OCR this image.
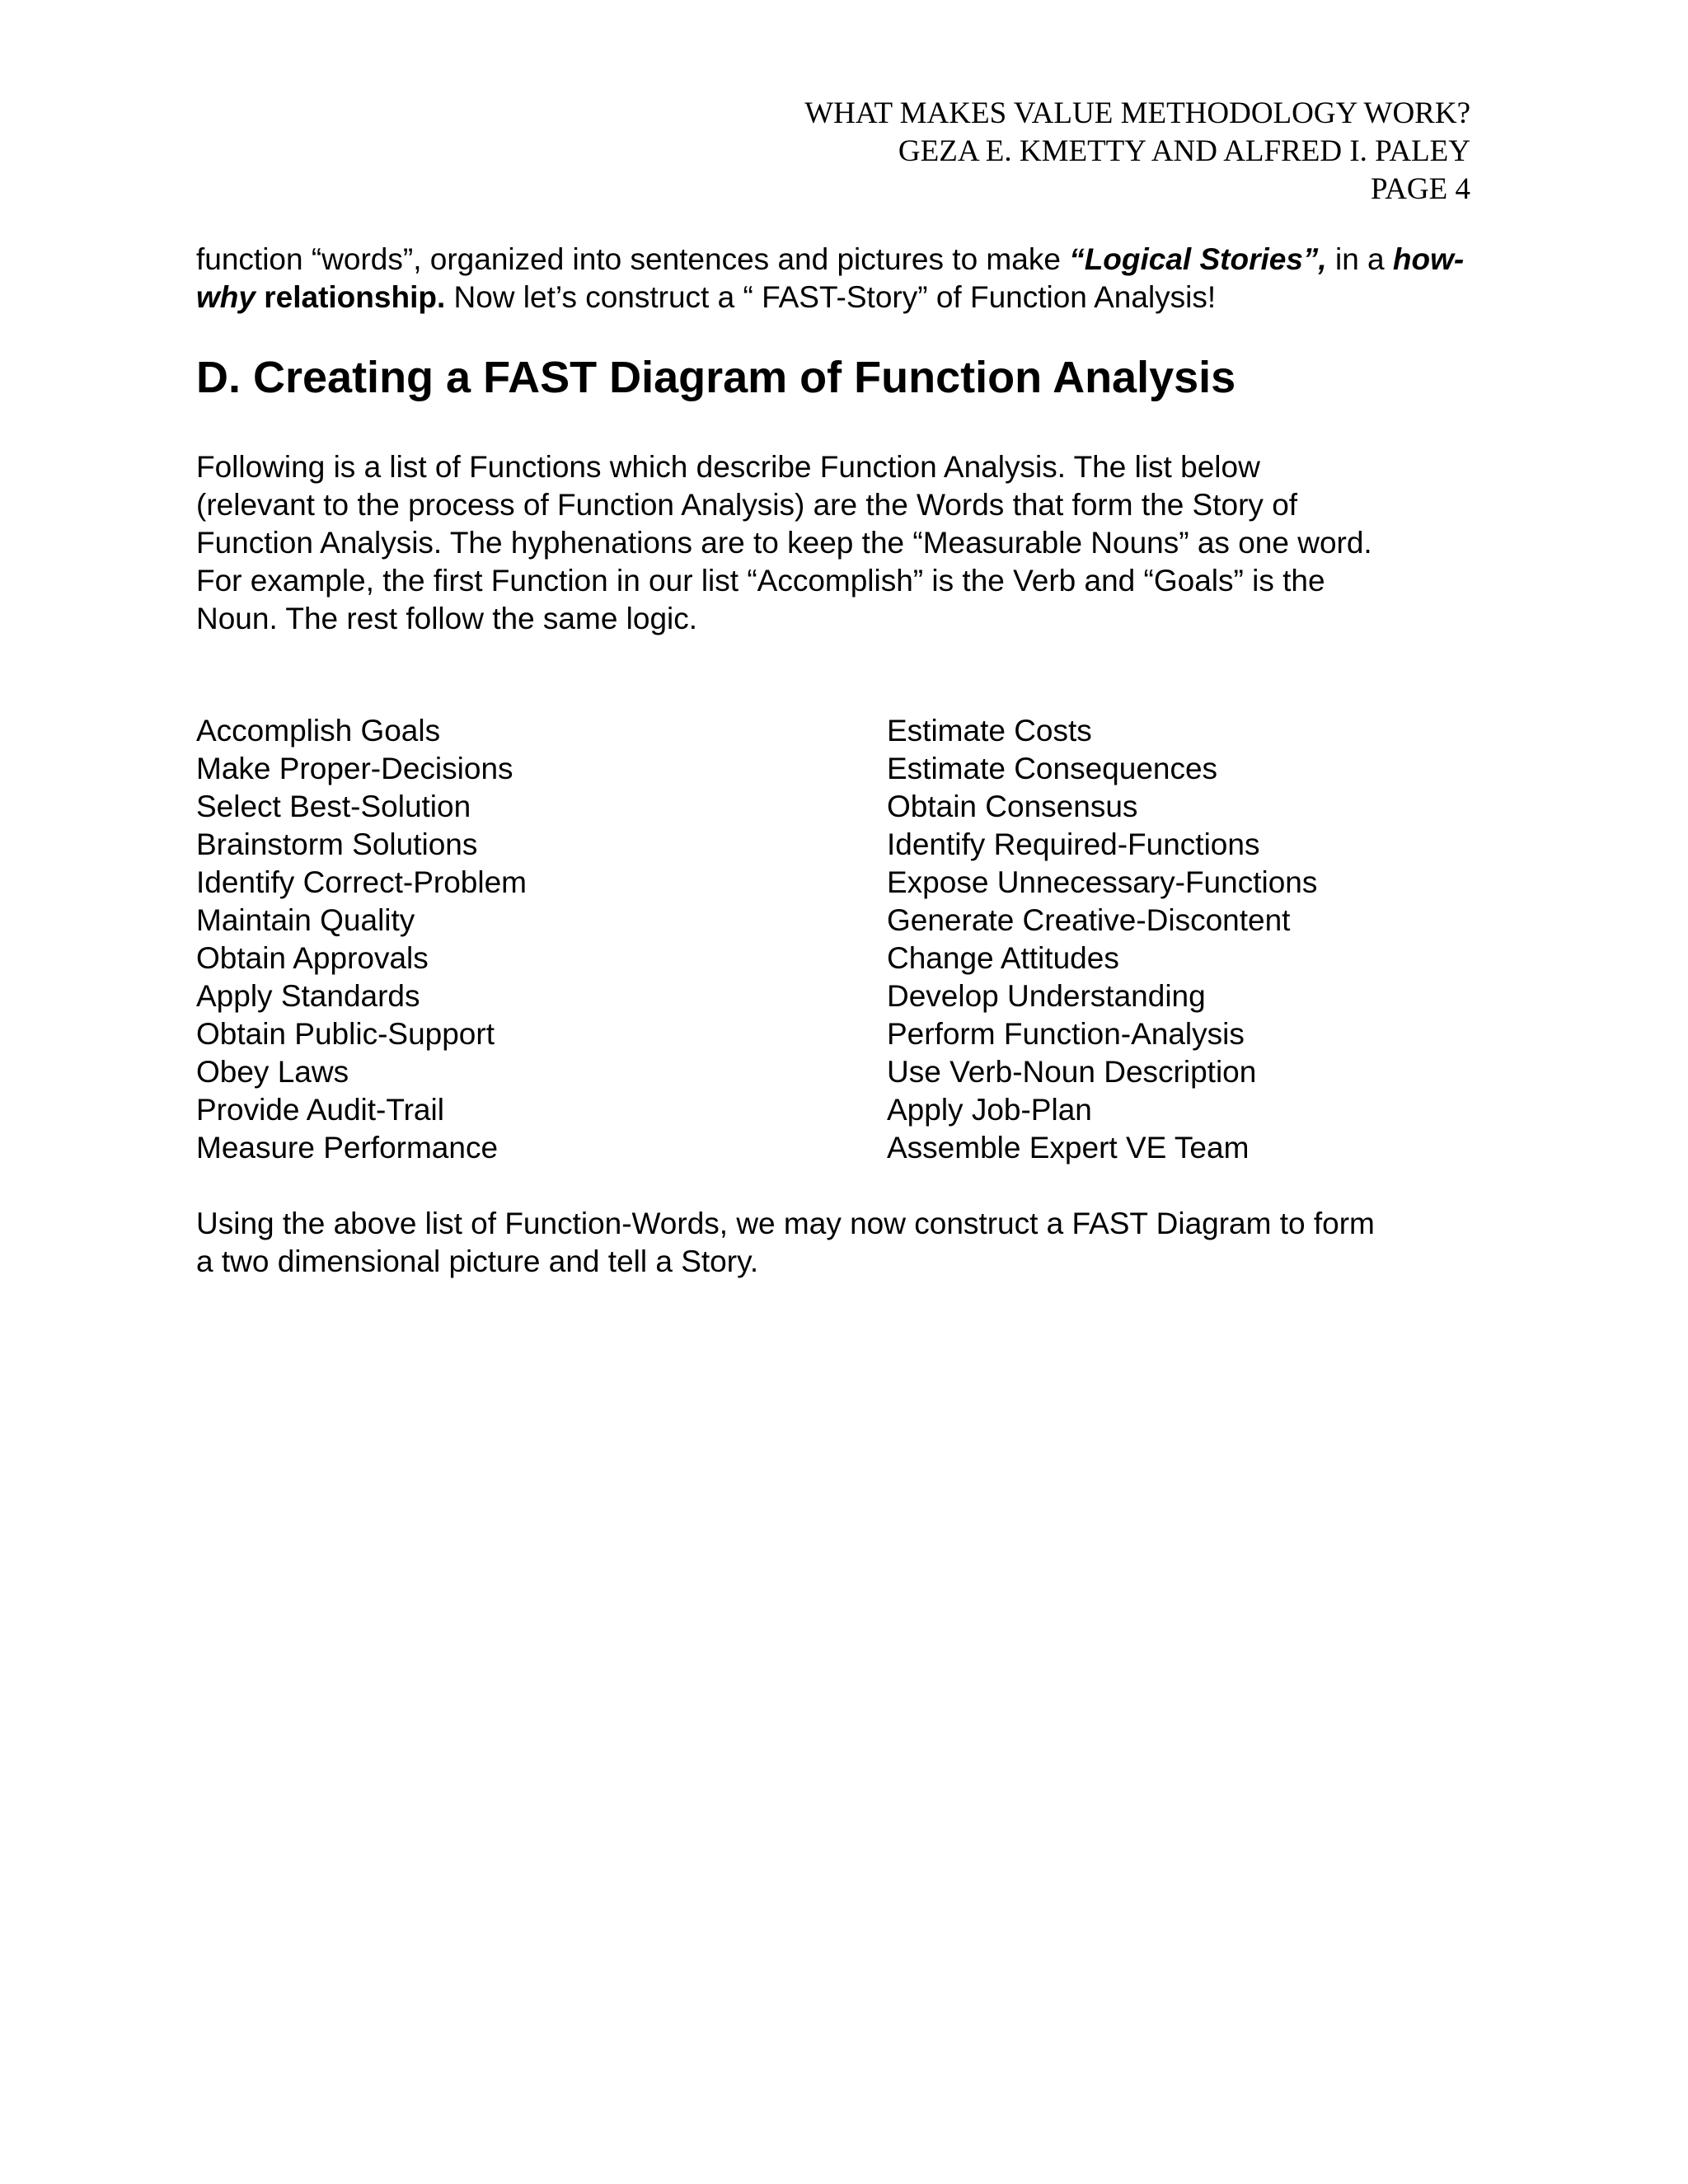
WHAT MAKES VALUE METHODOLOGY WORK?
GEZA E. KMETTY AND ALFRED I. PALEY
PAGE 4

function “words”, organized into sentences and pictures to make “Logical Stories”, in a how-why relationship. Now let’s construct a “ FAST-Story” of Function Analysis!

D. Creating a FAST Diagram of Function Analysis

Following is a list of Functions which describe Function Analysis. The list below
(relevant to the process of Function Analysis) are the Words that form the Story of
Function Analysis. The hyphenations are to keep the “Measurable Nouns” as one word.
For example, the first Function in our list “Accomplish” is the Verb and “Goals” is the
Noun. The rest follow the same logic.

Accomplish Goals
Make Proper-Decisions
Select Best-Solution
Brainstorm Solutions
Identify Correct-Problem
Maintain Quality
Obtain Approvals
Apply Standards
Obtain Public-Support
Obey Laws
Provide Audit-Trail
Measure Performance
Estimate Costs
Estimate Consequences
Obtain Consensus
Identify Required-Functions
Expose Unnecessary-Functions
Generate Creative-Discontent
Change Attitudes
Develop Understanding
Perform Function-Analysis
Use Verb-Noun Description
Apply Job-Plan
Assemble Expert VE Team

Using the above list of Function-Words, we may now construct a FAST Diagram to form
a two dimensional picture and tell a Story.
